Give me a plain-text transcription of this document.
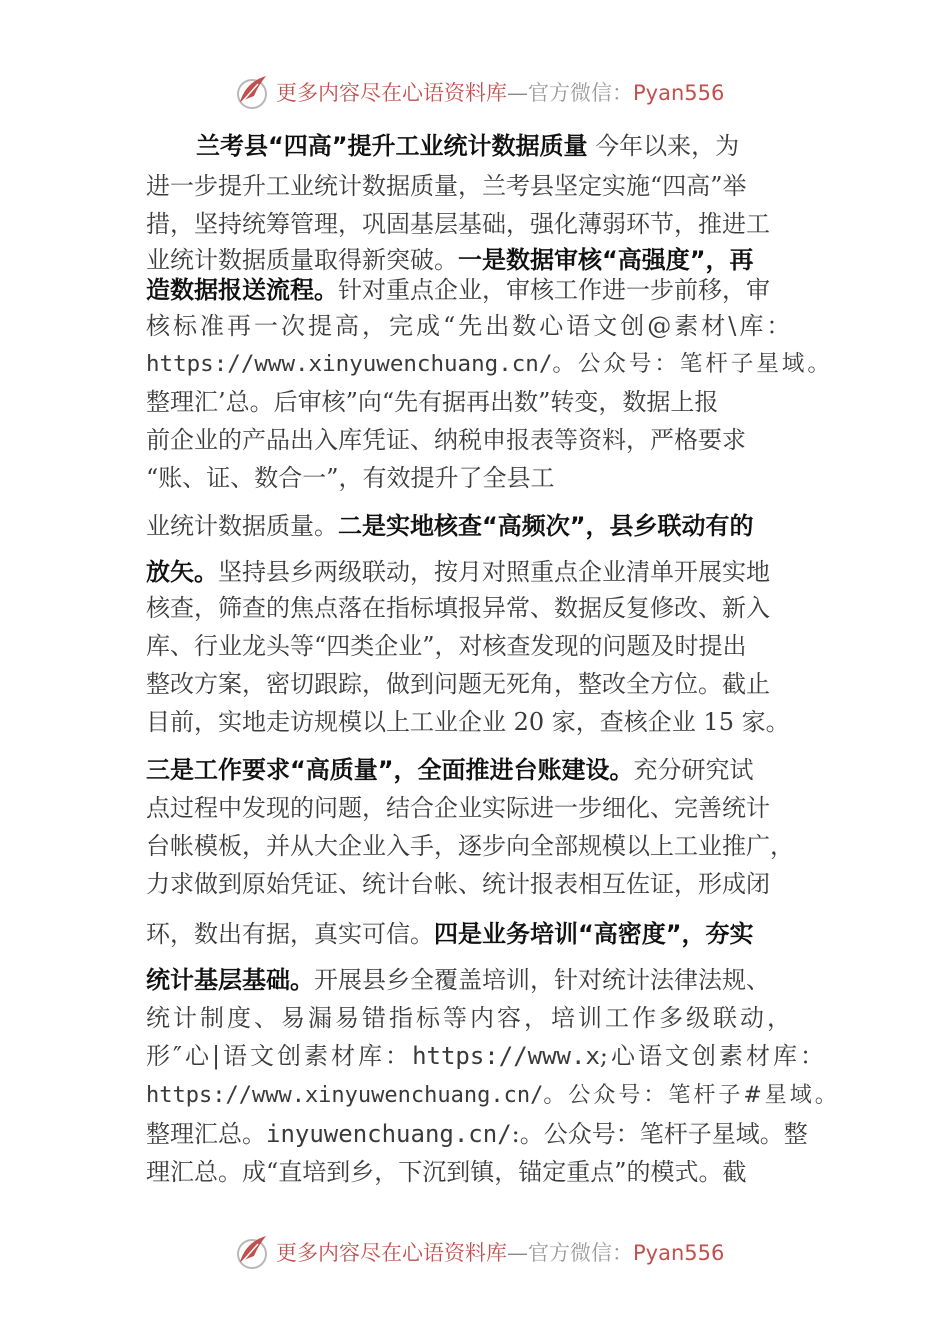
更多内容尽在心语资料库—官方微信：Pyan556
兰考县“四高”提升工业统计数据质量 今年以来，为
进一步提升工业统计数据质量，兰考县坚定实施“四高”举
措，坚持统筹管理，巩固基层基础，强化薄弱环节，推进工
业统计数据质量取得新突破。一是数据审核“高强度”，再
造数据报送流程。针对重点企业，审核工作进一步前移，审
核标准再一次提高，完成“先出数心语文创@素材\库：
https://www.xinyuwenchuang.cn/。公众号：笔杆子星域。
整理汇’总。后审核”向“先有据再出数”转变，数据上报
前企业的产品出入库凭证、纳税申报表等资料，严格要求
“账、证、数合一”，有效提升了全县工
业统计数据质量。二是实地核查“高频次”，县乡联动有的
放矢。坚持县乡两级联动，按月对照重点企业清单开展实地
核查，筛查的焦点落在指标填报异常、数据反复修改、新入
库、行业龙头等“四类企业”，对核查发现的问题及时提出
整改方案，密切跟踪，做到问题无死角，整改全方位。截止
目前，实地走访规模以上工业企业 20 家，查核企业 15 家。
三是工作要求“高质量”，全面推进台账建设。充分研究试
点过程中发现的问题，结合企业实际进一步细化、完善统计
台帐模板，并从大企业入手，逐步向全部规模以上工业推广，
力求做到原始凭证、统计台帐、统计报表相互佐证，形成闭
环，数出有据，真实可信。四是业务培训“高密度”，夯实
统计基层基础。开展县乡全覆盖培训，针对统计法律法规、
统计制度、易漏易错指标等内容，培训工作多级联动，
形″心|语文创素材库：https://www.x;心语文创素材库：
https://www.xinyuwenchuang.cn/。公众号：笔杆子#星域。
整理汇总。inyuwenchuang.cn/:。公众号：笔杆子星域。整
理汇总。成“直培到乡，下沉到镇，锚定重点”的模式。截
更多内容尽在心语资料库—官方微信：Pyan556
